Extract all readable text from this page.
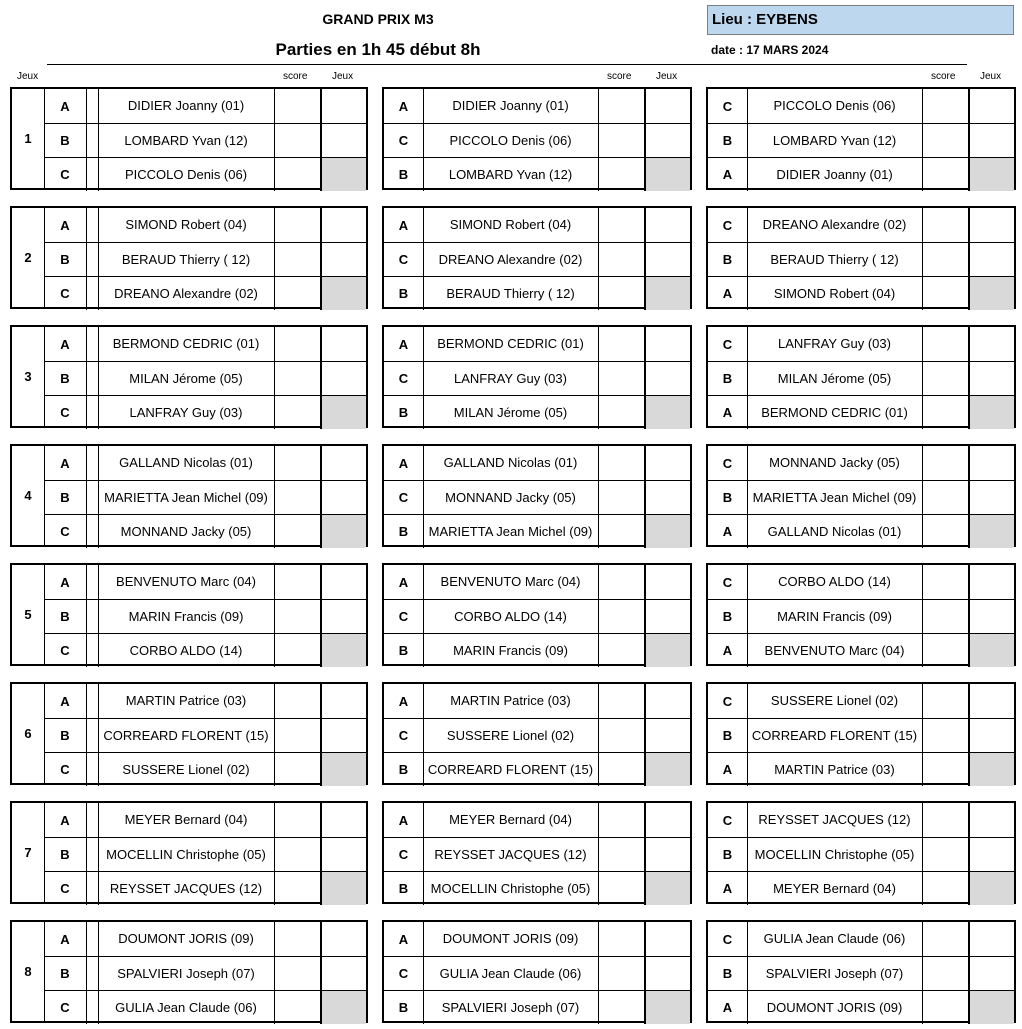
GRAND PRIX M3
Parties en 1h 45 début 8h
Lieu : EYBENS
date : 17 MARS 2024
Jeux	score Jeux	score Jeux	score Jeux
1
A	DIDIER Joanny (01)
B	LOMBARD Yvan (12)
C	PICCOLO Denis (06)
A	DIDIER Joanny (01)
C	PICCOLO Denis (06)
B	LOMBARD Yvan (12)
C	PICCOLO Denis (06)
B	LOMBARD Yvan (12)
A	DIDIER Joanny (01)
2
A	SIMOND Robert (04)
B	BERAUD Thierry ( 12)
C	DREANO Alexandre (02)
A	SIMOND Robert (04)
C	DREANO Alexandre (02)
B	BERAUD Thierry ( 12)
C	DREANO Alexandre (02)
B	BERAUD Thierry ( 12)
A	SIMOND Robert (04)
3
A	BERMOND CEDRIC (01)
B	MILAN Jérome (05)
C	LANFRAY Guy (03)
A	BERMOND CEDRIC (01)
C	LANFRAY Guy (03)
B	MILAN Jérome (05)
C	LANFRAY Guy (03)
B	MILAN Jérome (05)
A	BERMOND CEDRIC (01)
4
A	GALLAND Nicolas (01)
B	MARIETTA Jean Michel (09)
C	MONNAND Jacky (05)
A	GALLAND Nicolas (01)
C	MONNAND Jacky (05)
B	MARIETTA Jean Michel (09)
C	MONNAND Jacky (05)
B	MARIETTA Jean Michel (09)
A	GALLAND Nicolas (01)
5
A	BENVENUTO Marc (04)
B	MARIN Francis (09)
C	CORBO ALDO (14)
A	BENVENUTO Marc (04)
C	CORBO ALDO (14)
B	MARIN Francis (09)
C	CORBO ALDO (14)
B	MARIN Francis (09)
A	BENVENUTO Marc (04)
6
A	MARTIN Patrice (03)
B	CORREARD FLORENT (15)
C	SUSSERE Lionel (02)
A	MARTIN Patrice (03)
C	SUSSERE Lionel (02)
B	CORREARD FLORENT (15)
C	SUSSERE Lionel (02)
B	CORREARD FLORENT (15)
A	MARTIN Patrice (03)
7
A	MEYER Bernard (04)
B	MOCELLIN Christophe (05)
C	REYSSET JACQUES (12)
A	MEYER Bernard (04)
C	REYSSET JACQUES (12)
B	MOCELLIN Christophe (05)
C	REYSSET JACQUES (12)
B	MOCELLIN Christophe (05)
A	MEYER Bernard (04)
8
A	DOUMONT JORIS (09)
B	SPALVIERI Joseph (07)
C	GULIA Jean Claude (06)
A	DOUMONT JORIS (09)
C	GULIA Jean Claude (06)
B	SPALVIERI Joseph (07)
C	GULIA Jean Claude (06)
B	SPALVIERI Joseph (07)
A	DOUMONT JORIS (09)
